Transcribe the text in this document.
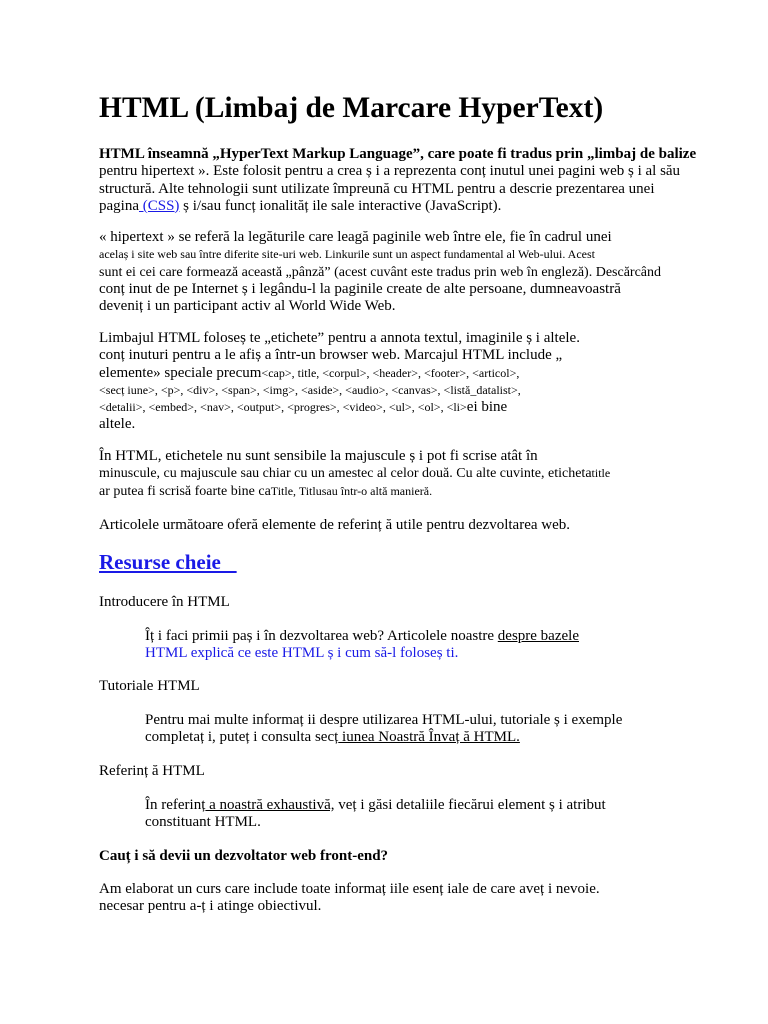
HTML (Limbaj de Marcare HyperText)
HTML înseamnă „HyperText Markup Language”, care poate fi tradus prin „limbaj de balize
pentru hipertext ». Este folosit pentru a crea ș i a reprezenta conț inutul unei pagini web ș i al său
structură. Alte tehnologii sunt utilizate împreună cu HTML pentru a descrie prezentarea unei
pagina (CSS) ș i/sau funcț ionalităț ile sale interactive (JavaScript).
« hipertext » se referă la legăturile care leagă paginile web între ele, fie în cadrul unei
acelaș i site web sau între diferite site-uri web. Linkurile sunt un aspect fundamental al Web-ului. Acest
sunt ei cei care formează această „pânză” (acest cuvânt este tradus prin web în engleză). Descărcând
conț inut de pe Internet ș i legându-l la paginile create de alte persoane, dumneavoastră
deveniț i un participant activ al World Wide Web.
Limbajul HTML foloseș te „etichete” pentru a annota textul, imaginile ș i altele.
conț inuturi pentru a le afiș a într-un browser web. Marcajul HTML include „
elemente» speciale precum<cap>, title, <corpul>, <header>, <footer>, <articol>,
<secț iune>, <p>, <div>, <span>, <img>, <aside>, <audio>, <canvas>, <listă_datalist>,
<detalii>, <embed>, <nav>, <output>, <progres>, <video>, <ul>, <ol>, <li>ei bine
altele.
În HTML, etichetele nu sunt sensibile la majuscule ș i pot fi scrise atât în
minuscule, cu majuscule sau chiar cu un amestec al celor două. Cu alte cuvinte, etichetatitle
ar putea fi scrisă foarte bine caTitle, Titlusau într-o altă manieră.
Articolele următoare oferă elemente de referinț ă utile pentru dezvoltarea web.
Resurse cheie
Introducere în HTML
Îț i faci primii paș i în dezvoltarea web? Articolele noastre despre bazele
HTML explică ce este HTML ș i cum să-l foloseș ti.
Tutoriale HTML
Pentru mai multe informaț ii despre utilizarea HTML-ului, tutoriale ș i exemple
completaț i, puteț i consulta secț iunea Noastră Învaț ă HTML.
Referinț ă HTML
În referinț a noastră exhaustivă, veț i găsi detaliile fiecărui element ș i atribut
constituant HTML.
Cauț i să devii un dezvoltator web front-end?
Am elaborat un curs care include toate informaț iile esenț iale de care aveț i nevoie.
necesar pentru a-ț i atinge obiectivul.
